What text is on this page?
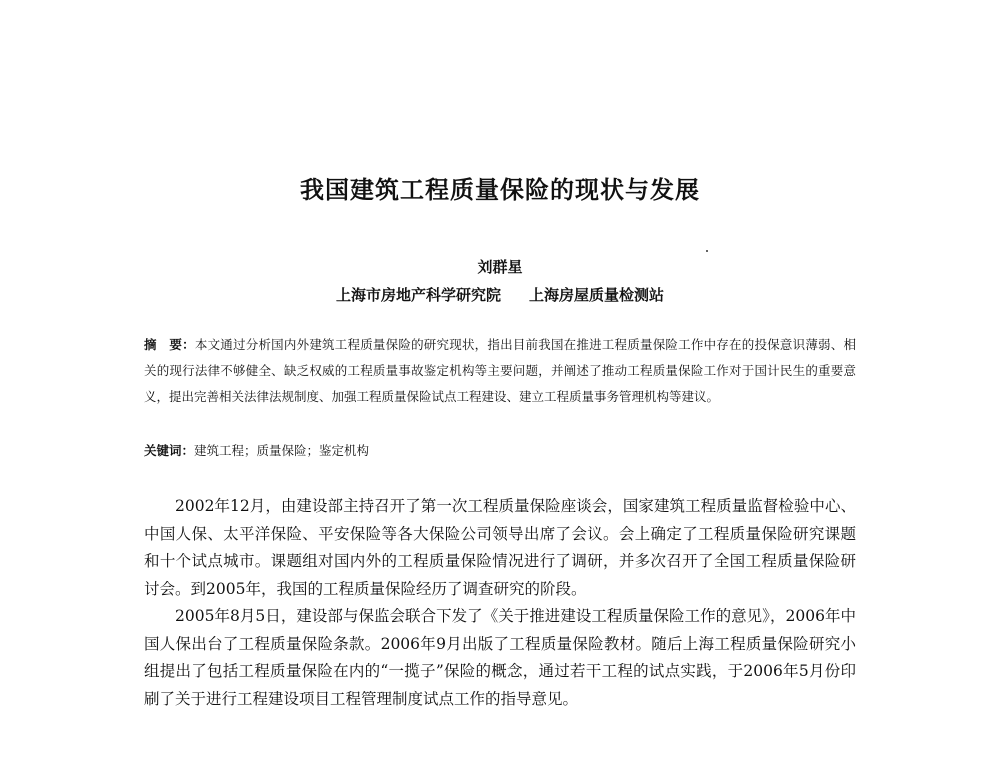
我国建筑工程质量保险的现状与发展
刘群星
上海市房地产科学研究院 上海房屋质量检测站
摘　要：本文通过分析国内外建筑工程质量保险的研究现状，指出目前我国在推进工程质量保险工作中存在的投保意识薄弱、相关的现行法律不够健全、缺乏权威的工程质量事故鉴定机构等主要问题，并阐述了推动工程质量保险工作对于国计民生的重要意义，提出完善相关法律法规制度、加强工程质量保险试点工程建设、建立工程质量事务管理机构等建议。
关键词：建筑工程；质量保险；鉴定机构

2002年12月，由建设部主持召开了第一次工程质量保险座谈会，国家建筑工程质量监督检验中心、中国人保、太平洋保险、平安保险等各大保险公司领导出席了会议。会上确定了工程质量保险研究课题和十个试点城市。课题组对国内外的工程质量保险情况进行了调研，并多次召开了全国工程质量保险研讨会。到2005年，我国的工程质量保险经历了调查研究的阶段。

2005年8月5日，建设部与保监会联合下发了《关于推进建设工程质量保险工作的意见》，2006年中国人保出台了工程质量保险条款。2006年9月出版了工程质量保险教材。随后上海工程质量保险研究小组提出了包括工程质量保险在内的“一揽子”保险的概念，通过若干工程的试点实践，于2006年5月份印刷了关于进行工程建设项目工程管理制度试点工作的指导意见。
